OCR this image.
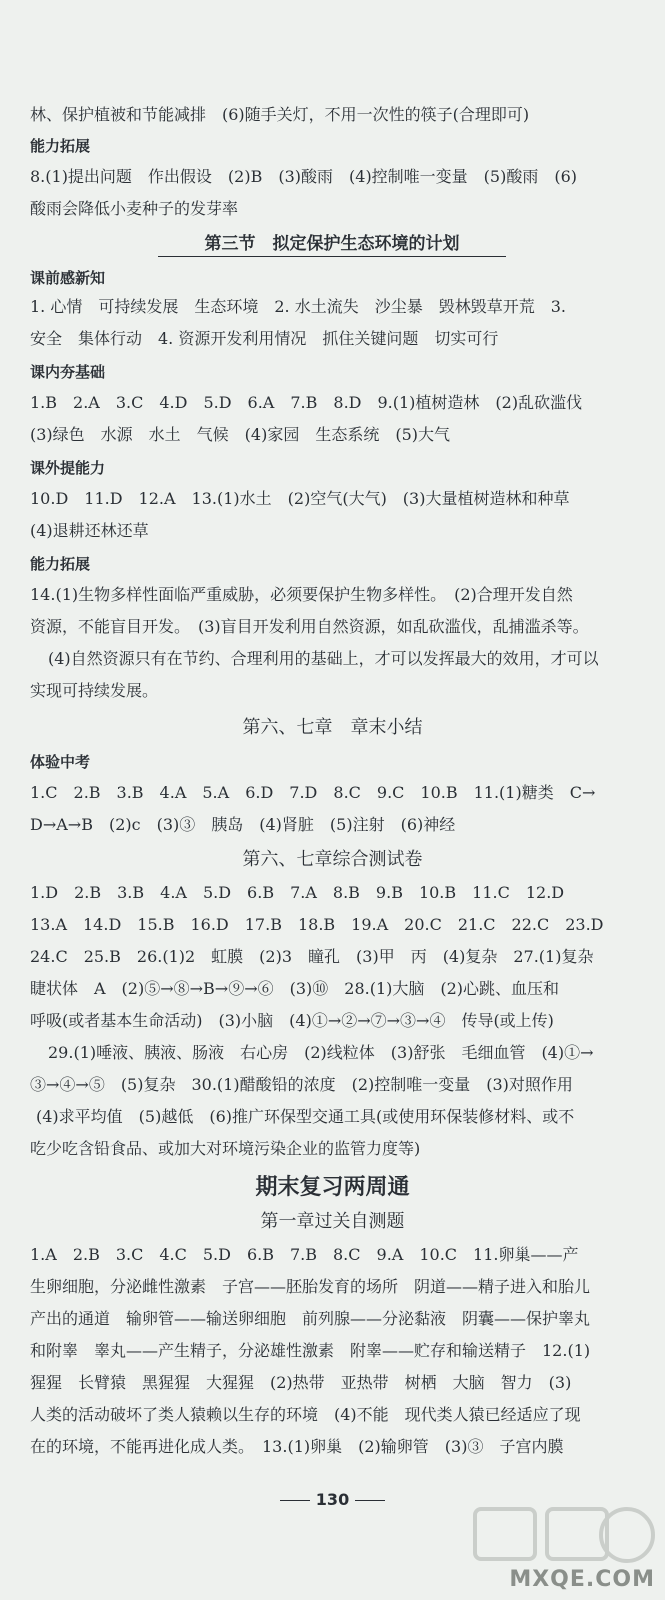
林、保护植被和节能减排　(6)随手关灯，不用一次性的筷子(合理即可)
能力拓展
8.(1)提出问题　作出假设　(2)B　(3)酸雨　(4)控制唯一变量　(5)酸雨　(6)
酸雨会降低小麦种子的发芽率
第三节　拟定保护生态环境的计划
课前感新知
1. 心情　可持续发展　生态环境　2. 水土流失　沙尘暴　毁林毁草开荒　3.
安全　集体行动　4. 资源开发利用情况　抓住关键问题　切实可行
课内夯基础
1.B　2.A　3.C　4.D　5.D　6.A　7.B　8.D　9.(1)植树造林　(2)乱砍滥伐
(3)绿色　水源　水土　气候　(4)家园　生态系统　(5)大气
课外提能力
10.D　11.D　12.A　13.(1)水土　(2)空气(大气)　(3)大量植树造林和种草
(4)退耕还林还草
能力拓展
14.(1)生物多样性面临严重威胁，必须要保护生物多样性。　(2)合理开发自然
资源，不能盲目开发。　(3)盲目开发利用自然资源，如乱砍滥伐，乱捕滥杀等。
(4)自然资源只有在节约、合理利用的基础上，才可以发挥最大的效用，才可以
实现可持续发展。
第六、七章　章末小结
体验中考
1.C　2.B　3.B　4.A　5.A　6.D　7.D　8.C　9.C　10.B　11.(1)糖类　C→
D→A→B　(2)c　(3)③　胰岛　(4)肾脏　(5)注射　(6)神经
第六、七章综合测试卷
1.D　2.B　3.B　4.A　5.D　6.B　7.A　8.B　9.B　10.B　11.C　12.D
13.A　14.D　15.B　16.D　17.B　18.B　19.A　20.C　21.C　22.C　23.D
24.C　25.B　26.(1)2　虹膜　(2)3　瞳孔　(3)甲　丙　(4)复杂　27.(1)复杂
睫状体　A　(2)⑤→⑧→B→⑨→⑥　(3)⑩　28.(1)大脑　(2)心跳、血压和
呼吸(或者基本生命活动)　(3)小脑　(4)①→②→⑦→③→④　传导(或上传)
29.(1)唾液、胰液、肠液　右心房　(2)线粒体　(3)舒张　毛细血管　(4)①→
③→④→⑤　(5)复杂　30.(1)醋酸铅的浓度　(2)控制唯一变量　(3)对照作用
(4)求平均值　(5)越低　(6)推广环保型交通工具(或使用环保装修材料、或不
吃少吃含铅食品、或加大对环境污染企业的监管力度等)
期末复习两周通
第一章过关自测题
1.A　2.B　3.C　4.C　5.D　6.B　7.B　8.C　9.A　10.C　11.卵巢——产
生卵细胞，分泌雌性激素　子宫——胚胎发育的场所　阴道——精子进入和胎儿
产出的通道　输卵管——输送卵细胞　前列腺——分泌黏液　阴囊——保护睾丸
和附睾　睾丸——产生精子，分泌雄性激素　附睾——贮存和输送精子　12.(1)
猩猩　长臂猿　黑猩猩　大猩猩　(2)热带　亚热带　树栖　大脑　智力　(3)
人类的活动破坏了类人猿赖以生存的环境　(4)不能　现代类人猿已经适应了现
在的环境，不能再进化成人类。　13.(1)卵巢　(2)输卵管　(3)③　子宫内膜
130
MXQE.COM
